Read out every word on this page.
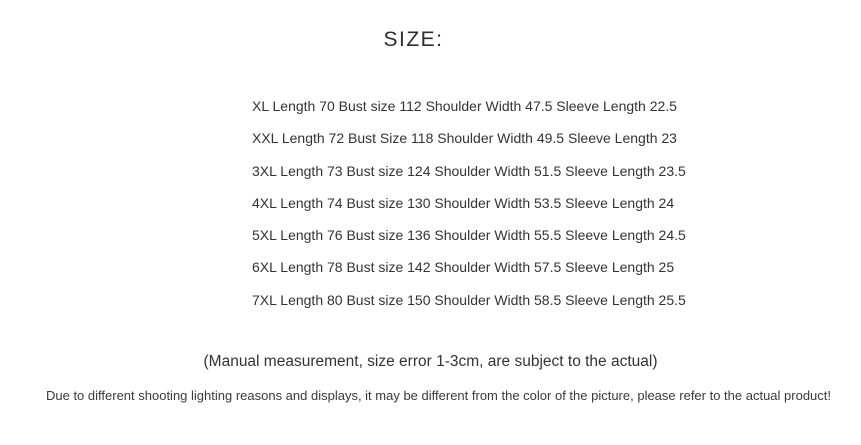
SIZE:
XL Length 70 Bust size 112 Shoulder Width 47.5 Sleeve Length 22.5
XXL Length 72 Bust Size 118 Shoulder Width 49.5 Sleeve Length 23
3XL Length 73 Bust size 124 Shoulder Width 51.5 Sleeve Length 23.5
4XL Length 74 Bust size 130 Shoulder Width 53.5 Sleeve Length 24
5XL Length 76 Bust size 136 Shoulder Width 55.5 Sleeve Length 24.5
6XL Length 78 Bust size 142 Shoulder Width 57.5 Sleeve Length 25
7XL Length 80 Bust size 150 Shoulder Width 58.5 Sleeve Length 25.5
(Manual measurement, size error 1-3cm, are subject to the actual)
Due to different shooting lighting reasons and displays, it may be different from the color of the picture, please refer to the actual product!
